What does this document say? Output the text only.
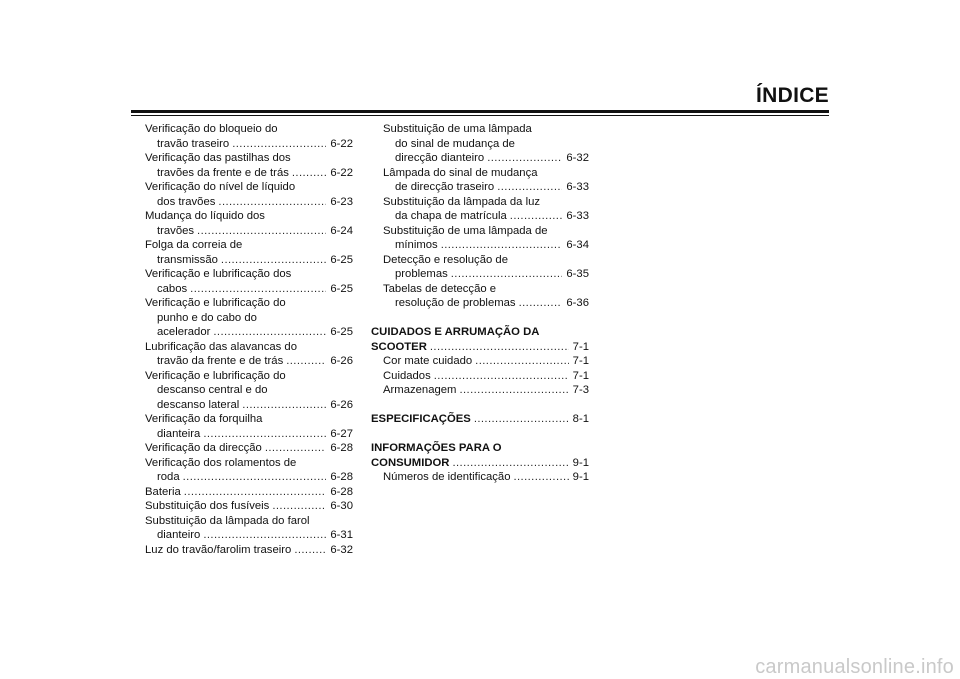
ÍNDICE
Verificação do bloqueio do
travão traseiro .....	6-22
Verificação das pastilhas dos
travões da frente e de trás .....	6-22
Verificação do nível de líquido
dos travões .....	6-23
Mudança do líquido dos
travões .....	6-24
Folga da correia de
transmissão .....	6-25
Verificação e lubrificação dos
cabos .....	6-25
Verificação e lubrificação do
punho e do cabo do
acelerador .....	6-25
Lubrificação das alavancas do
travão da frente e de trás .....	6-26
Verificação e lubrificação do
descanso central e do
descanso lateral .....	6-26
Verificação da forquilha
dianteira .....	6-27
Verificação da direcção .....	6-28
Verificação dos rolamentos de
roda .....	6-28
Bateria .....	6-28
Substituição dos fusíveis .....	6-30
Substituição da lâmpada do farol
dianteiro .....	6-31
Luz do travão/farolim traseiro .....	6-32
Substituição de uma lâmpada
do sinal de mudança de
direcção dianteiro .....	6-32
Lâmpada do sinal de mudança
de direcção traseiro .....	6-33
Substituição da lâmpada da luz
da chapa de matrícula .....	6-33
Substituição de uma lâmpada de
mínimos .....	6-34
Detecção e resolução de
problemas .....	6-35
Tabelas de detecção e
resolução de problemas .....	6-36
CUIDADOS E ARRUMAÇÃO DA
SCOOTER .....	7-1
Cor mate cuidado .....	7-1
Cuidados .....	7-1
Armazenagem .....	7-3
ESPECIFICAÇÕES .....	8-1
INFORMAÇÕES PARA O
CONSUMIDOR .....	9-1
Números de identificação .....	9-1
carmanualsonline.info
